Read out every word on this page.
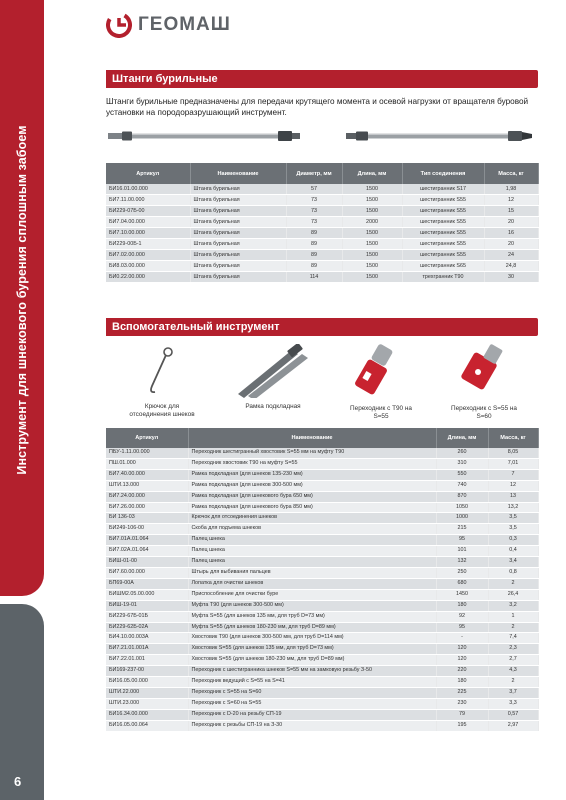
Инструмент для шнекового бурения сплошным забоем
6
ГЕОМАШ
Штанги бурильные
Штанги бурильные предназначены для передачи крутящего момента и осевой нагрузки от вращателя буровой установки на породоразрушающий инструмент.
Артикул	Наименование	Диаметр, мм	Длина, мм	Тип соединения	Масса, кг
БИ16.01.00.000	Штанга бурильная	57	1500	шестигранник S17	1,98
БИ7.11.00.000	Штанга бурильная	73	1500	шестигранник S55	12
БИ229-07Б-00	Штанга бурильная	73	1500	шестигранник S55	15
БИ7.04.00.000	Штанга бурильная	73	2000	шестигранник S55	20
БИ7.10.00.000	Штанга бурильная	89	1500	шестигранник S55	16
БИ229-00Б-1	Штанга бурильная	89	1500	шестигранник S55	20
БИ7.02.00.000	Штанга бурильная	89	1500	шестигранник S55	24
БИ8.03.00.000	Штанга бурильная	89	1500	шестигранник S65	24,8
БИ0.22.00.000	Штанга бурильная	114	1500	трехгранник T90	30
Вспомогательный инструмент
Крючок для отсоединения шнеков
Рамка подкладная	Переходник с T90 на S=55
Переходник с S=55 на S=60
Артикул	Наименование	Длина, мм	Масса, кг
ПБУ-1.11.00.000	Переходник шестигранный хвостовик S=55 мм на муфту T90	260	8,05
ПШ.01.000	Переходник хвостовик T90 на муфту S=55	310	7,01
БИ7.40.00.000	Рамка подкладная (для шнеков 135-230 мм)	550	7
ШТИ.13.000	Рамка подкладная (для шнеков 300-500 мм)	740	12
БИ7.24.00.000	Рамка подкладная (для шнекового бура 650 мм)	870	13
БИ7.26.00.000	Рамка подкладная (для шнекового бура 850 мм)	1050	13,2
БИ 136-03	Крючок для отсоединения шнеков	1000	3,5
БИ249-106-00	Скоба для подъема шнеков	215	3,5
БИ7.01А.01.064	Палец шнека	95	0,3
БИ7.02А.01.064	Палец шнека	101	0,4
БИШ-01-00	Палец шнека	132	3,4
БИ7.60.00.000	Штырь для выбивания пальцев	250	0,8
БП69-00А	Лопатка для очистки шнеков	680	2
БИШМ2.05.00.000	Приспособление для очистки буре	1450	26,4
БИШ-19-01	Муфта T90 (для шнеков 300-500 мм)	180	3,2
БИ229-67Б-01Б	Муфта S=55 (для шнеков 135 мм, для труб D=73 мм)	92	1
БИ229-62Б-02А	Муфта S=55 (для шнеков 180-230 мм, для труб D=89 мм)	95	2
БИ4.10.00.003А	Хвостовик T90 (для шнеков 300-500 мм, для труб D=114 мм)	-	7,4
БИ7.21.01.001А	Хвостовик S=55 (для шнеков 135 мм, для труб D=73 мм)	120	2,3
БИ7.22.01.001	Хвостовик S=55 (для шнеков 180-230 мм, для труб D=89 мм)	120	2,7
БИ169-237-00	Переходник с шестигранника шнеков S=55 мм на замковую резьбу З-50	220	4,3
БИ16.05.00.000	Переходник ведущий с S=55 на S=41	180	2
ШТИ.22.000	Переходник с S=55 на S=60	225	3,7
ШТИ.23.000	Переходник с S=60 на S=55	230	3,3
БИ16.34.00.000	Переходник с D-20 на резьбу СП-19	79	0,57
БИ16.05.00.064	Переходник с резьбы СП-19 на З-30	195	2,97
